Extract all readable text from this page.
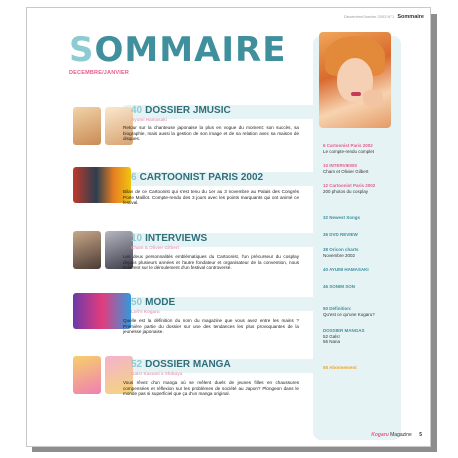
Décembre/Janvier 2003 N°1 Sommaire
SOMMAIRE
DECEMBRE/JANVIER
40 DOSSIER JMUSIC
Ayumi Hamasaki
Retour sur la chanteuse japonaise la plus en vogue du moment: son succès, sa biographie, mais aussi la gestion de son image et de sa relation avec sa maison de disques.
6 CARTOONIST PARIS 2002
Bilan de ce Cartoonist qui s'est tenu du 1er au 3 novembre au Palais des Congrès Porte Maillot. Compte-rendu des 3 jours avec les points marquants qui ont animé ce festival.
10 INTERVIEWS
Cham & Olivier Gilbert
Les deux personnalités emblématiques du Cartoonist, l'un précurseur du cosplay depuis plusieurs années et l'autre fondateur et organisateur de la convention, nous éclairent sur le déroulement d'un festival controversé.
50 MODE
Loli's Kogaru
Quelle est la définition du nom du magazine que vous avez entre les mains ? Première partie du dossier sur une des tendances les plus provoquantes de la jeunesse japonaise.
52 DOSSIER MANGA
Gals! Kasumi à Shibuya
Vous rêvez d'un manga où se mêlent duels de jeunes filles en chaussures compensées et réflexion sur les problèmes de société au Japon? Plongeon dans le monde pas si superficiel que ça d'un manga original.
6 Cartoonist Paris 2002
Le compte-rendu complet
10 INTERVIEWS
Cham et Olivier Gilbert
12 Cartoonist Paris 2002
200 photos du cosplay
32 Newest Songs
36 DVD REVIEW
38 Oricon charts
Novembre 2002
40 AYUMI HAMASAKI
46 SONIM SON
50 Définition:
Qu'est ce qu'une Kogaru?
DOSSIER MANGAS
52 Gals!
56 Nana
58 Abonnement
Kogaru Magazine 5
